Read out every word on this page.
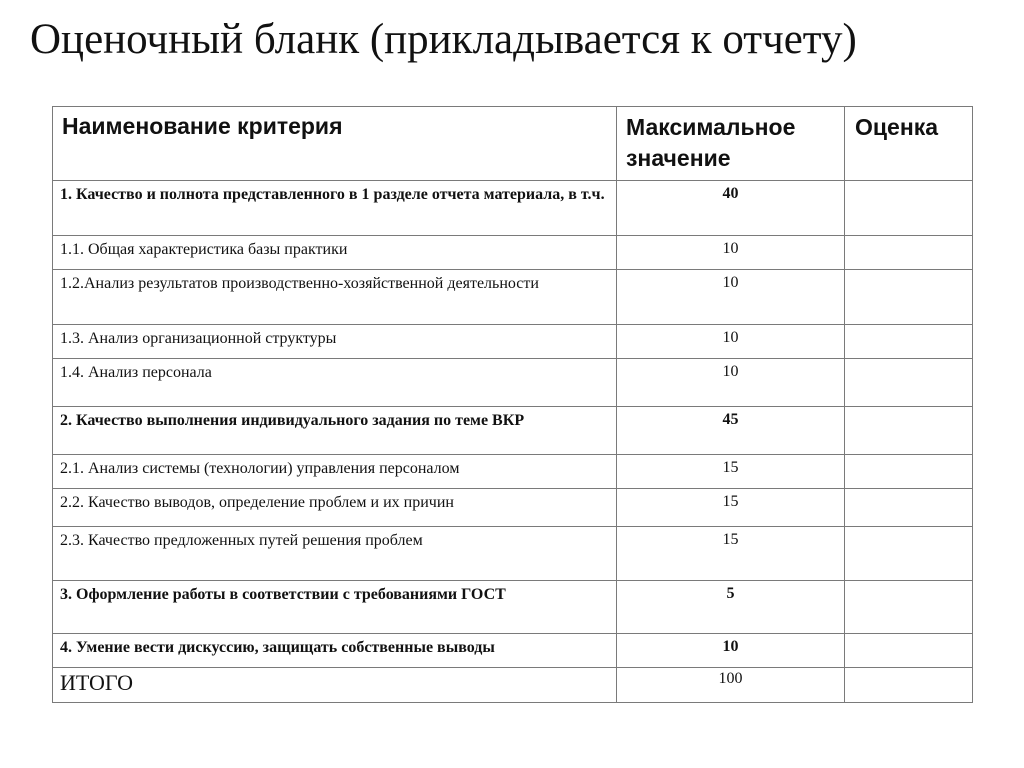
Оценочный бланк (прикладывается к отчету)
Наименование критерия	Максимальное значение	Оценка

1. Качество и полнота представленного в 1 разделе отчета материала, в т.ч.	40	

1.1. Общая характеристика базы практики	10	

1.2.Анализ результатов производственно-хозяйственной деятельности	10	

1.3. Анализ организационной структуры	10	

1.4. Анализ персонала	10	

2. Качество выполнения индивидуального задания по теме ВКР	45	

2.1. Анализ системы (технологии) управления персоналом	15	

2.2. Качество выводов, определение проблем и их причин	15	

2.3. Качество предложенных путей решения проблем	15	

3. Оформление работы в соответствии с требованиями ГОСТ	5	

4. Умение вести дискуссию, защищать собственные выводы	10	

ИТОГО	100	
